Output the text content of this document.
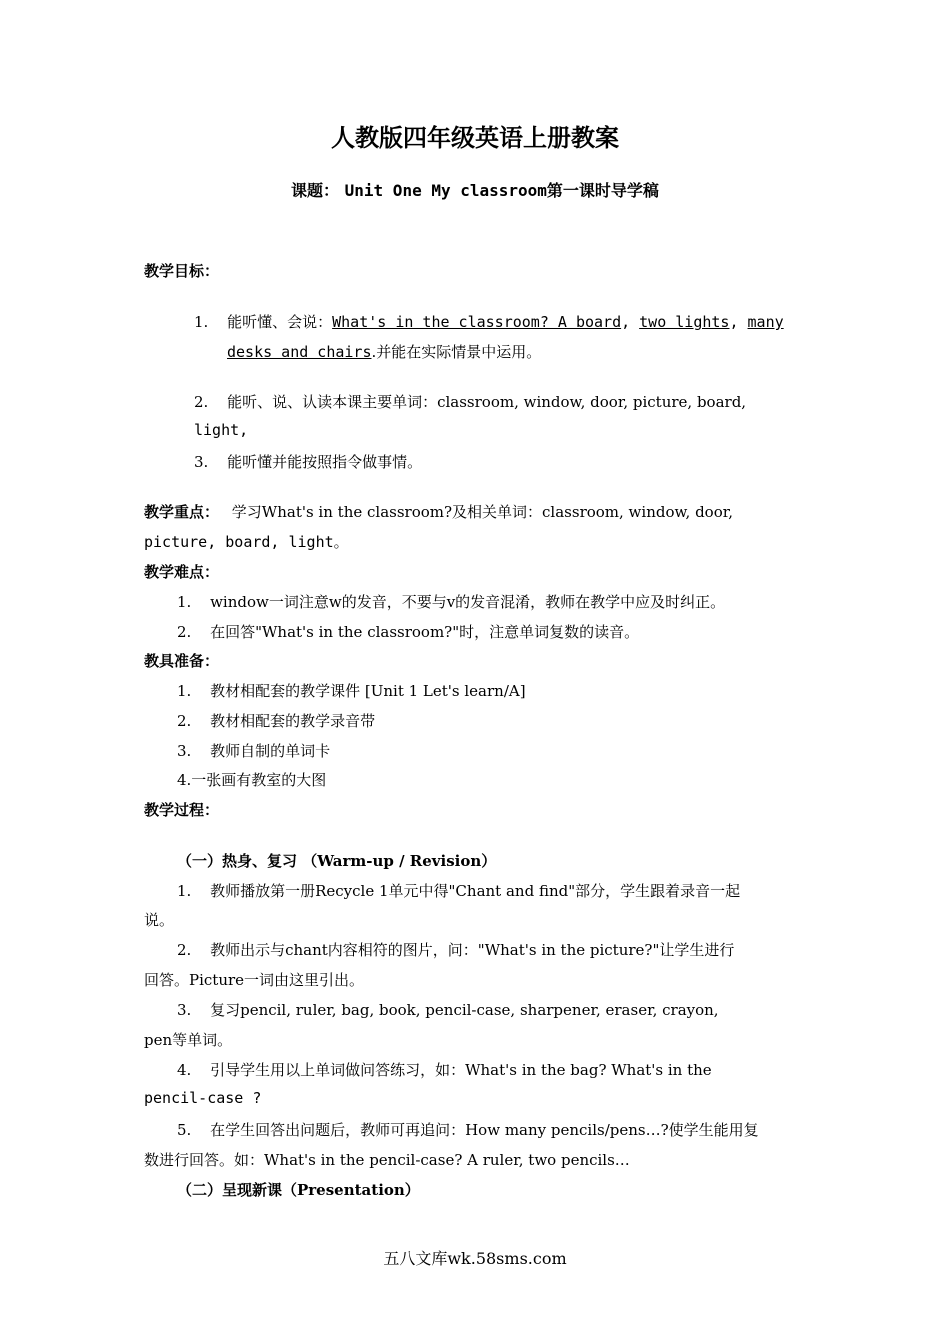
人教版四年级英语上册教案
课题： Unit One My classroom第一课时导学稿
教学目标：
1. 能听懂、会说：What's in the classroom? A board, two lights, many
desks and chairs.并能在实际情景中运用。
2. 能听、说、认读本课主要单词：classroom, window, door, picture, board,
light,
3. 能听懂并能按照指令做事情。
教学重点： 学习What's in the classroom?及相关单词：classroom, window, door,
picture, board, light。
教学难点：
1. window一词注意w的发音，不要与v的发音混淆，教师在教学中应及时纠正。
2. 在回答"What's in the classroom?"时，注意单词复数的读音。
教具准备：
1. 教材相配套的教学课件 [Unit 1 Let's learn/A]
2. 教材相配套的教学录音带
3. 教师自制的单词卡
4.一张画有教室的大图
教学过程：
（一）热身、复习 （Warm-up / Revision）
1. 教师播放第一册Recycle 1单元中得"Chant and find"部分，学生跟着录音一起
说。
2. 教师出示与chant内容相符的图片，问："What's in the picture?"让学生进行
回答。Picture一词由这里引出。
3. 复习pencil, ruler, bag, book, pencil-case, sharpener, eraser, crayon,
pen等单词。
4. 引导学生用以上单词做问答练习，如：What's in the bag? What's in the
pencil-case ?
5. 在学生回答出问题后，教师可再追问：How many pencils/pens…?使学生能用复
数进行回答。如：What's in the pencil-case? A ruler, two pencils…
（二）呈现新课（Presentation）
五八文库wk.58sms.com
